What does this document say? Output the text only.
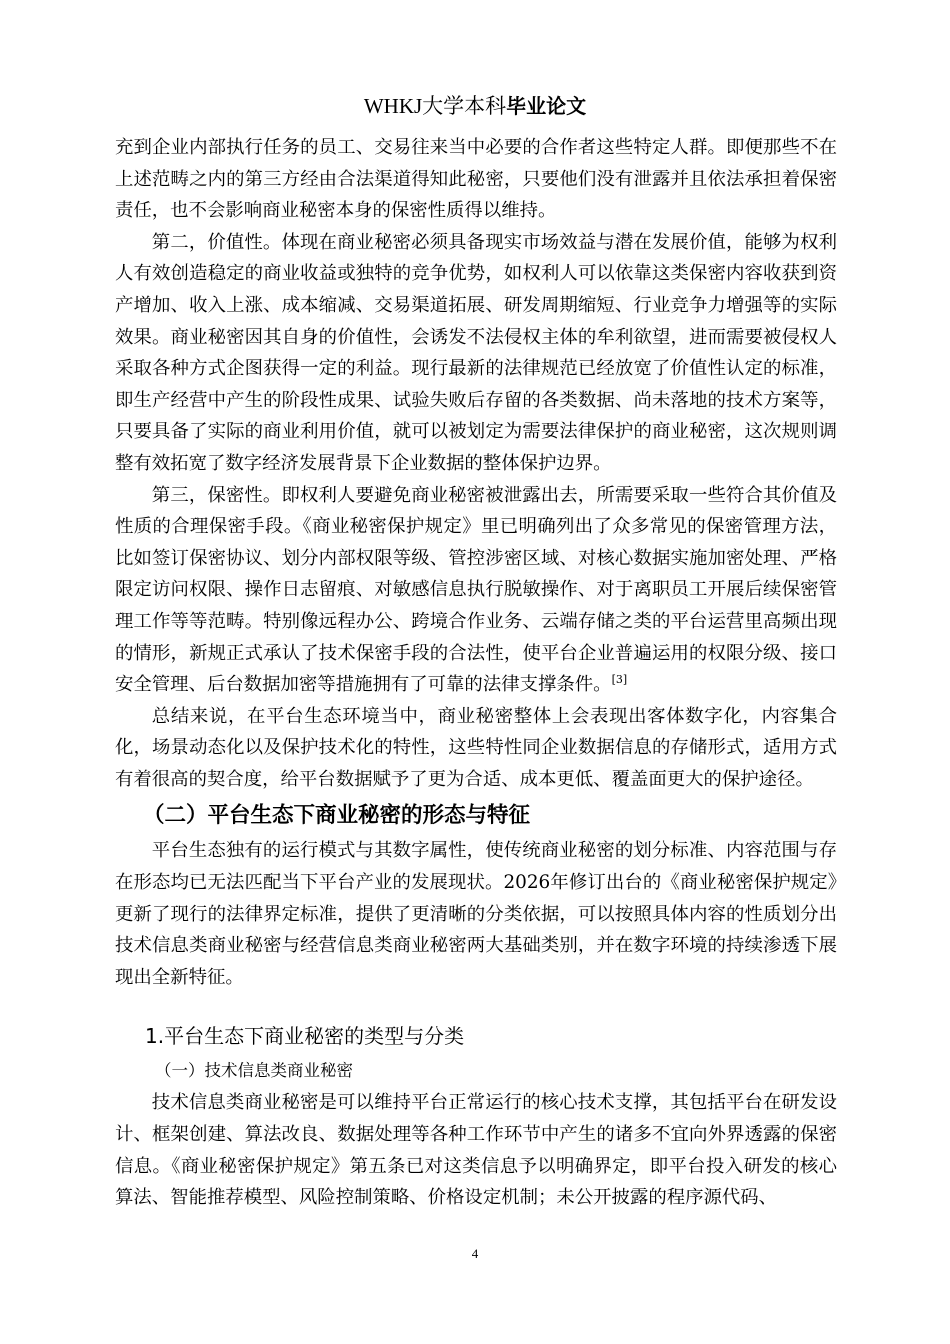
WHKJ大学本科毕业论文

充到企业内部执行任务的员工、交易往来当中必要的合作者这些特定人群。即便那些不在上述范畴之内的第三方经由合法渠道得知此秘密，只要他们没有泄露并且依法承担着保密责任，也不会影响商业秘密本身的保密性质得以维持。

第二，价值性。体现在商业秘密必须具备现实市场效益与潜在发展价值，能够为权利人有效创造稳定的商业收益或独特的竞争优势，如权利人可以依靠这类保密内容收获到资产增加、收入上涨、成本缩减、交易渠道拓展、研发周期缩短、行业竞争力增强等的实际效果。商业秘密因其自身的价值性，会诱发不法侵权主体的牟利欲望，进而需要被侵权人采取各种方式企图获得一定的利益。现行最新的法律规范已经放宽了价值性认定的标准，即生产经营中产生的阶段性成果、试验失败后存留的各类数据、尚未落地的技术方案等，只要具备了实际的商业利用价值，就可以被划定为需要法律保护的商业秘密，这次规则调整有效拓宽了数字经济发展背景下企业数据的整体保护边界。

第三，保密性。即权利人要避免商业秘密被泄露出去，所需要采取一些符合其价值及性质的合理保密手段。《商业秘密保护规定》里已明确列出了众多常见的保密管理方法，比如签订保密协议、划分内部权限等级、管控涉密区域、对核心数据实施加密处理、严格限定访问权限、操作日志留痕、对敏感信息执行脱敏操作、对于离职员工开展后续保密管理工作等等范畴。特别像远程办公、跨境合作业务、云端存储之类的平台运营里高频出现的情形，新规正式承认了技术保密手段的合法性，使平台企业普遍运用的权限分级、接口安全管理、后台数据加密等措施拥有了可靠的法律支撑条件。[3]

总结来说，在平台生态环境当中，商业秘密整体上会表现出客体数字化，内容集合化，场景动态化以及保护技术化的特性，这些特性同企业数据信息的存储形式，适用方式有着很高的契合度，给平台数据赋予了更为合适、成本更低、覆盖面更大的保护途径。

（二）平台生态下商业秘密的形态与特征

平台生态独有的运行模式与其数字属性，使传统商业秘密的划分标准、内容范围与存在形态均已无法匹配当下平台产业的发展现状。2026年修订出台的《商业秘密保护规定》更新了现行的法律界定标准，提供了更清晰的分类依据，可以按照具体内容的性质划分出技术信息类商业秘密与经营信息类商业秘密两大基础类别，并在数字环境的持续渗透下展现出全新特征。

1.平台生态下商业秘密的类型与分类
（一）技术信息类商业秘密

技术信息类商业秘密是可以维持平台正常运行的核心技术支撑，其包括平台在研发设计、框架创建、算法改良、数据处理等各种工作环节中产生的诸多不宜向外界透露的保密信息。《商业秘密保护规定》第五条已对这类信息予以明确界定，即平台投入研发的核心算法、智能推荐模型、风险控制策略、价格设定机制；未公开披露的程序源代码、

4
